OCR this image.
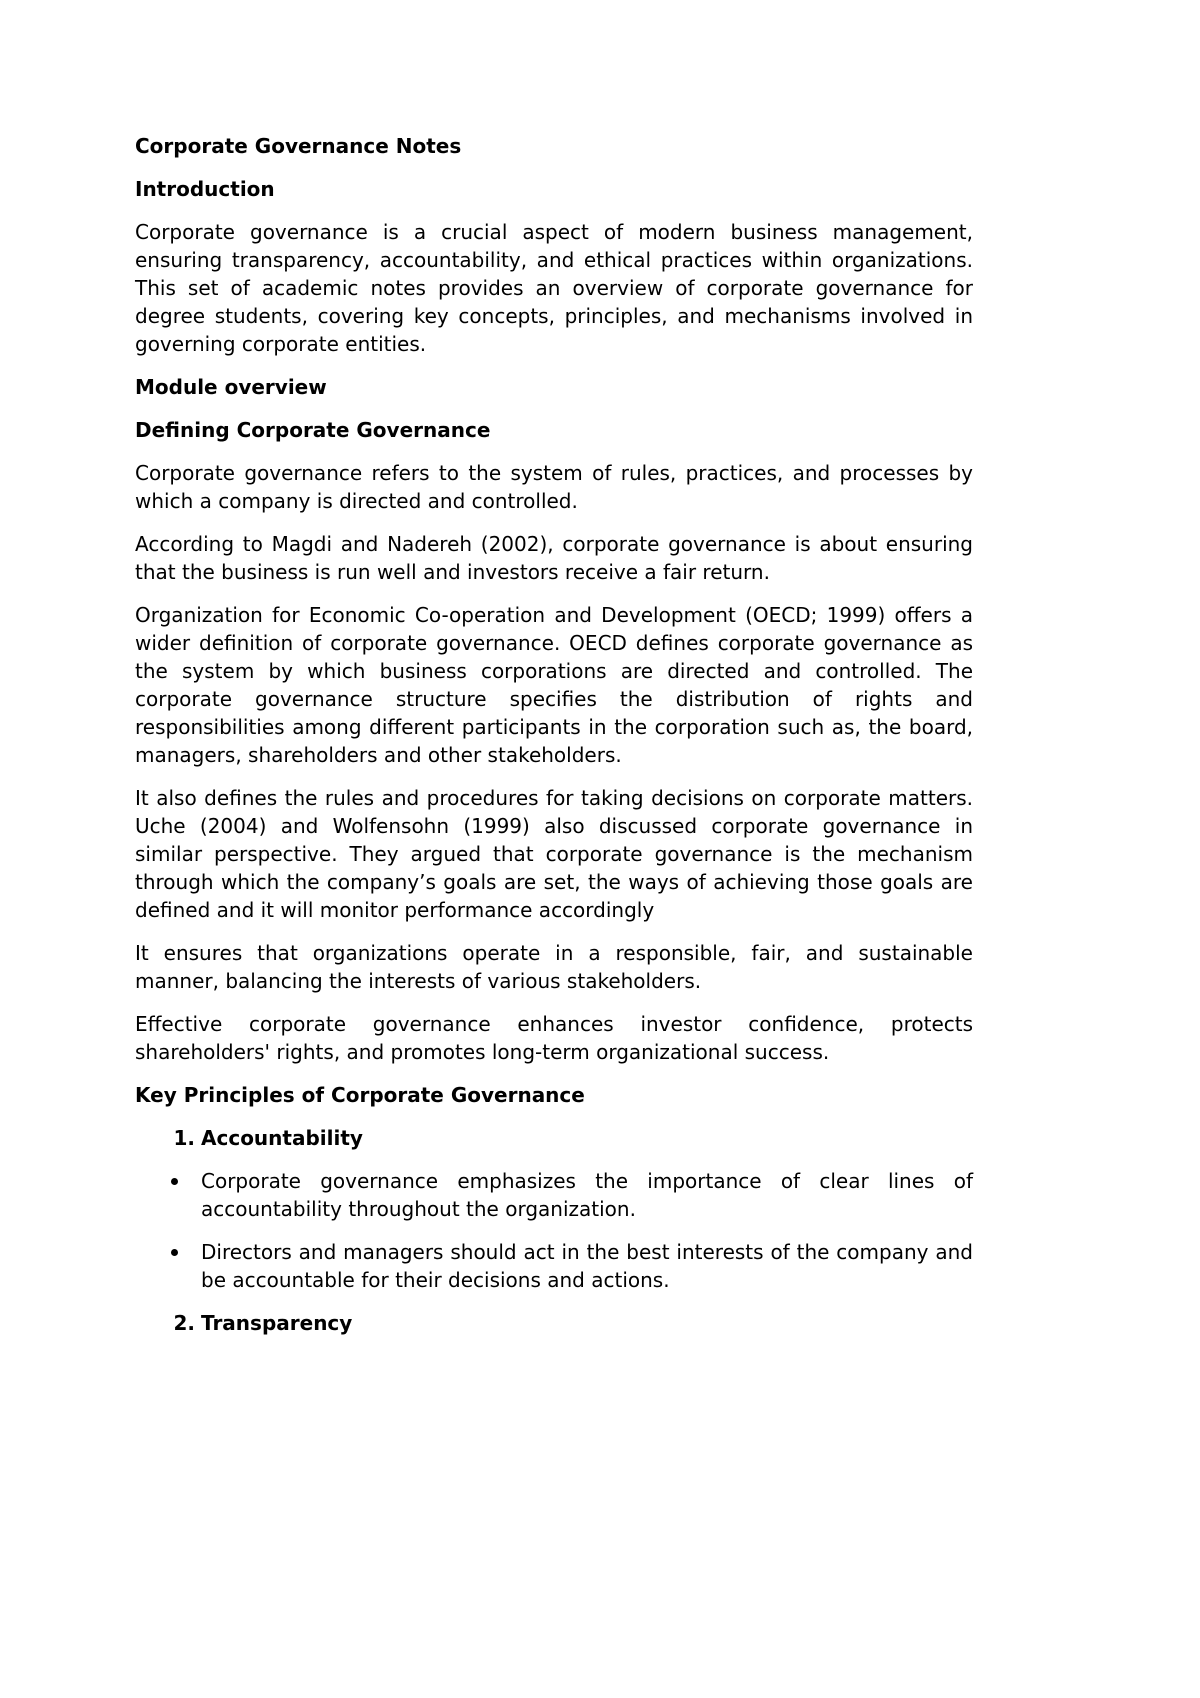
Corporate Governance Notes
Introduction

Corporate governance is a crucial aspect of modern business management, ensuring transparency, accountability, and ethical practices within organizations. This set of academic notes provides an overview of corporate governance for degree students, covering key concepts, principles, and mechanisms involved in governing corporate entities.

Module overview
Defining Corporate Governance

Corporate governance refers to the system of rules, practices, and processes by which a company is directed and controlled.

According to Magdi and Nadereh (2002), corporate governance is about ensuring that the business is run well and investors receive a fair return.

Organization for Economic Co-operation and Development (OECD; 1999) offers a wider definition of corporate governance. OECD defines corporate governance as the system by which business corporations are directed and controlled. The corporate governance structure specifies the distribution of rights and responsibilities among different participants in the corporation such as, the board, managers, shareholders and other stakeholders.

It also defines the rules and procedures for taking decisions on corporate matters. Uche (2004) and Wolfensohn (1999) also discussed corporate governance in similar perspective. They argued that corporate governance is the mechanism through which the company’s goals are set, the ways of achieving those goals are defined and it will monitor performance accordingly

It ensures that organizations operate in a responsible, fair, and sustainable manner, balancing the interests of various stakeholders.

Effective corporate governance enhances investor confidence, protects shareholders' rights, and promotes long-term organizational success.

Key Principles of Corporate Governance
1. Accountability
Corporate governance emphasizes the importance of clear lines of accountability throughout the organization.
Directors and managers should act in the best interests of the company and be accountable for their decisions and actions.
2. Transparency
